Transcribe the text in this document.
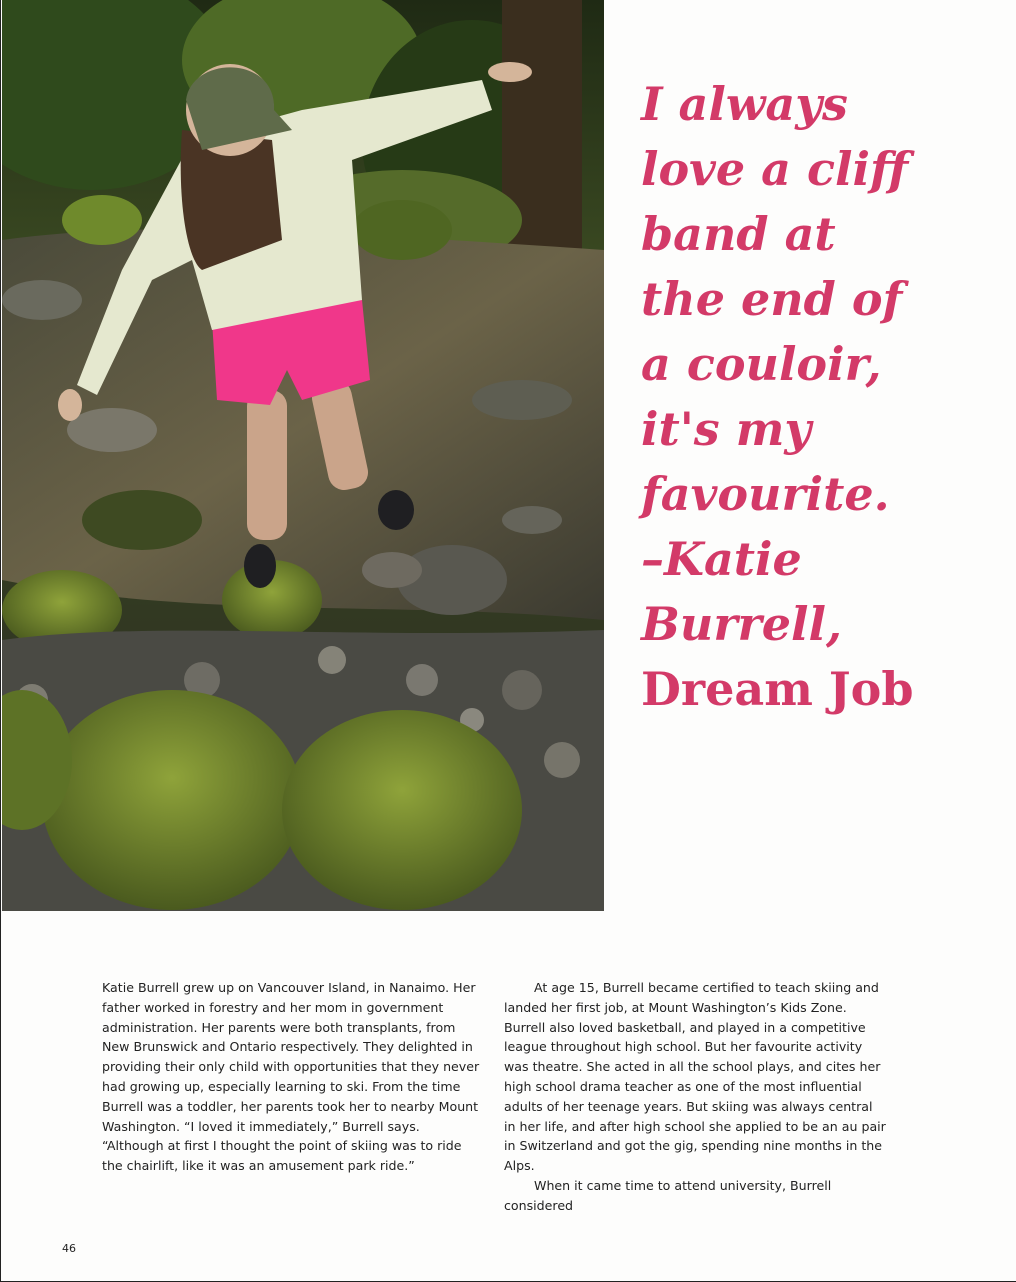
I always
love a cliff
band at
the end of
a couloir,
it's my
favourite.
–Katie
Burrell,
Dream Job

Katie Burrell grew up on Vancouver Island, in Nanaimo. Her father worked in forestry and her mom in government administration. Her parents were both transplants, from New Brunswick and Ontario respectively. They delighted in providing their only child with opportunities that they never had growing up, especially learning to ski. From the time Burrell was a toddler, her parents took her to nearby Mount Washington. “I loved it immediately,” Burrell says. “Although at first I thought the point of skiing was to ride the chairlift, like it was an amusement park ride.”

At age 15, Burrell became certified to teach skiing and landed her first job, at Mount Washington’s Kids Zone. Burrell also loved basketball, and played in a competitive league throughout high school. But her favourite activity was theatre. She acted in all the school plays, and cites her high school drama teacher as one of the most influential adults of her teenage years. But skiing was always central in her life, and after high school she applied to be an au pair in Switzerland and got the gig, spending nine months in the Alps.

When it came time to attend university, Burrell considered

46
